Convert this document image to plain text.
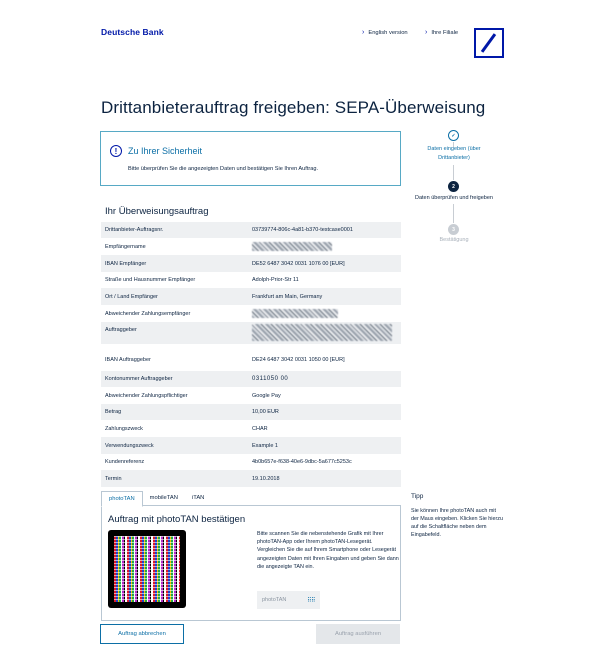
Deutsche Bank	› English version › Ihre Filiale
Drittanbieterauftrag freigeben: SEPA-Überweisung
!	Zu Ihrer Sicherheit
Bitte überprüfen Sie die angezeigten Daten und bestätigen Sie Ihren Auftrag.
✓
Daten eingeben (über Drittanbieter)
2
Daten überprüfen und freigeben
3
Bestätigung
Ihr Überweisungsauftrag
Drittanbieter-Auftragsnr.	03739774-806c-4a81-b370-testcase0001
Empfängername
IBAN Empfänger	DE52 6487 3042 0031 1076 00 [EUR]
Straße und Hausnummer Empfänger	Adolph-Prior-Str 11
Ort / Land Empfänger	Frankfurt am Main, Germany
Abweichender Zahlungsempfänger
Auftraggeber
IBAN Auftraggeber	DE24 6487 3042 0031 1050 00 [EUR]
Kontonummer Auftraggeber	0311050 00
Abweichender Zahlungspflichtiger	Google Pay
Betrag	10,00 EUR
Zahlungszweck	CHAR
Verwendungszweck	Example 1
Kundenreferenz	4b0b657e-f638-40e6-9dbc-5a677c5253c
Termin	19.10.2018
photoTAN	mobileTAN	iTAN
Auftrag mit photoTAN bestätigen
Bitte scannen Sie die nebenstehende Grafik mit Ihrer photoTAN-App oder Ihrem photoTAN-Lesegerät. Vergleichen Sie die auf Ihrem Smartphone oder Lesegerät angezeigten Daten mit Ihren Eingaben und geben Sie dann die angezeigte TAN ein.
photoTAN	⠿⠿
Tipp
Sie können Ihre photoTAN auch mit der Maus eingeben. Klicken Sie hierzu auf die Schaltfläche neben dem Eingabefeld.
Auftrag abbrechen	Auftrag ausführen
